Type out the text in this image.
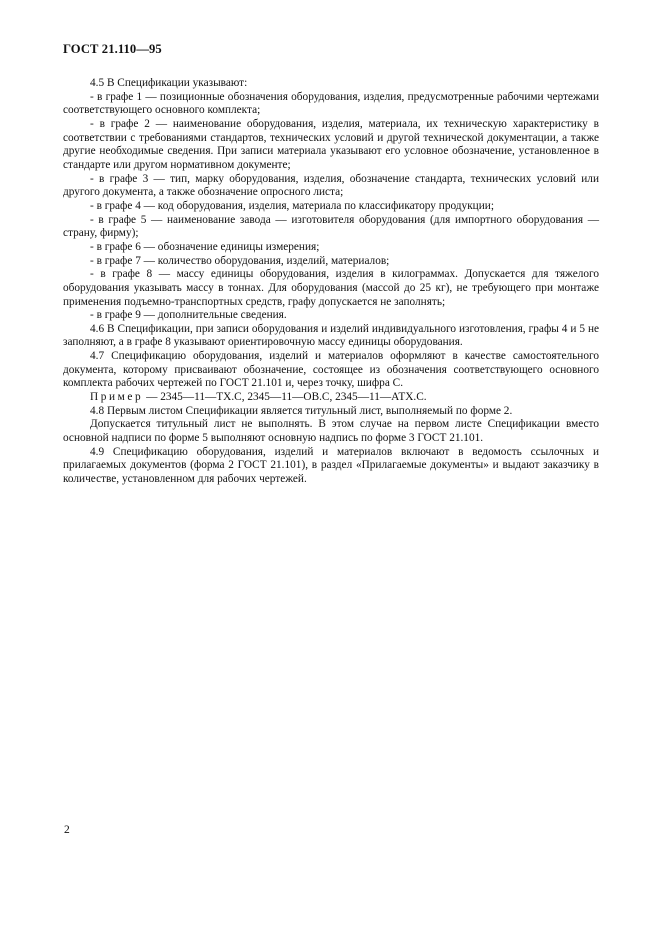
ГОСТ 21.110—95

4.5 В Спецификации указывают:

- в графе 1 — позиционные обозначения оборудования, изделия, предусмотренные рабочими чертежами соответствующего основного комплекта;

- в графе 2 — наименование оборудования, изделия, материала, их техническую характеристику в соответствии с требованиями стандартов, технических условий и другой технической документации, а также другие необходимые сведения. При записи материала указывают его условное обозначение, установленное в стандарте или другом нормативном документе;

- в графе 3 — тип, марку оборудования, изделия, обозначение стандарта, технических условий или другого документа, а также обозначение опросного листа;

- в графе 4 — код оборудования, изделия, материала по классификатору продукции;

- в графе 5 — наименование завода — изготовителя оборудования (для импортного оборудования — страну, фирму);

- в графе 6 — обозначение единицы измерения;

- в графе 7 — количество оборудования, изделий, материалов;

- в графе 8 — массу единицы оборудования, изделия в килограммах. Допускается для тяжелого оборудования указывать массу в тоннах. Для оборудования (массой до 25 кг), не требующего при монтаже применения подъемно-транспортных средств, графу допускается не заполнять;

- в графе 9 — дополнительные сведения.

4.6 В Спецификации, при записи оборудования и изделий индивидуального изготовления, графы 4 и 5 не заполняют, а в графе 8 указывают ориентировочную массу единицы оборудования.

4.7 Спецификацию оборудования, изделий и материалов оформляют в качестве самостоятельного документа, которому присваивают обозначение, состоящее из обозначения соответствующего основного комплекта рабочих чертежей по ГОСТ 21.101 и, через точку, шифра С.

Пример — 2345—11—ТХ.С, 2345—11—ОВ.С, 2345—11—АТХ.С.

4.8 Первым листом Спецификации является титульный лист, выполняемый по форме 2.

Допускается титульный лист не выполнять. В этом случае на первом листе Спецификации вместо основной надписи по форме 5 выполняют основную надпись по форме 3 ГОСТ 21.101.

4.9 Спецификацию оборудования, изделий и материалов включают в ведомость ссылочных и прилагаемых документов (форма 2 ГОСТ 21.101), в раздел «Прилагаемые документы» и выдают заказчику в количестве, установленном для рабочих чертежей.

2
